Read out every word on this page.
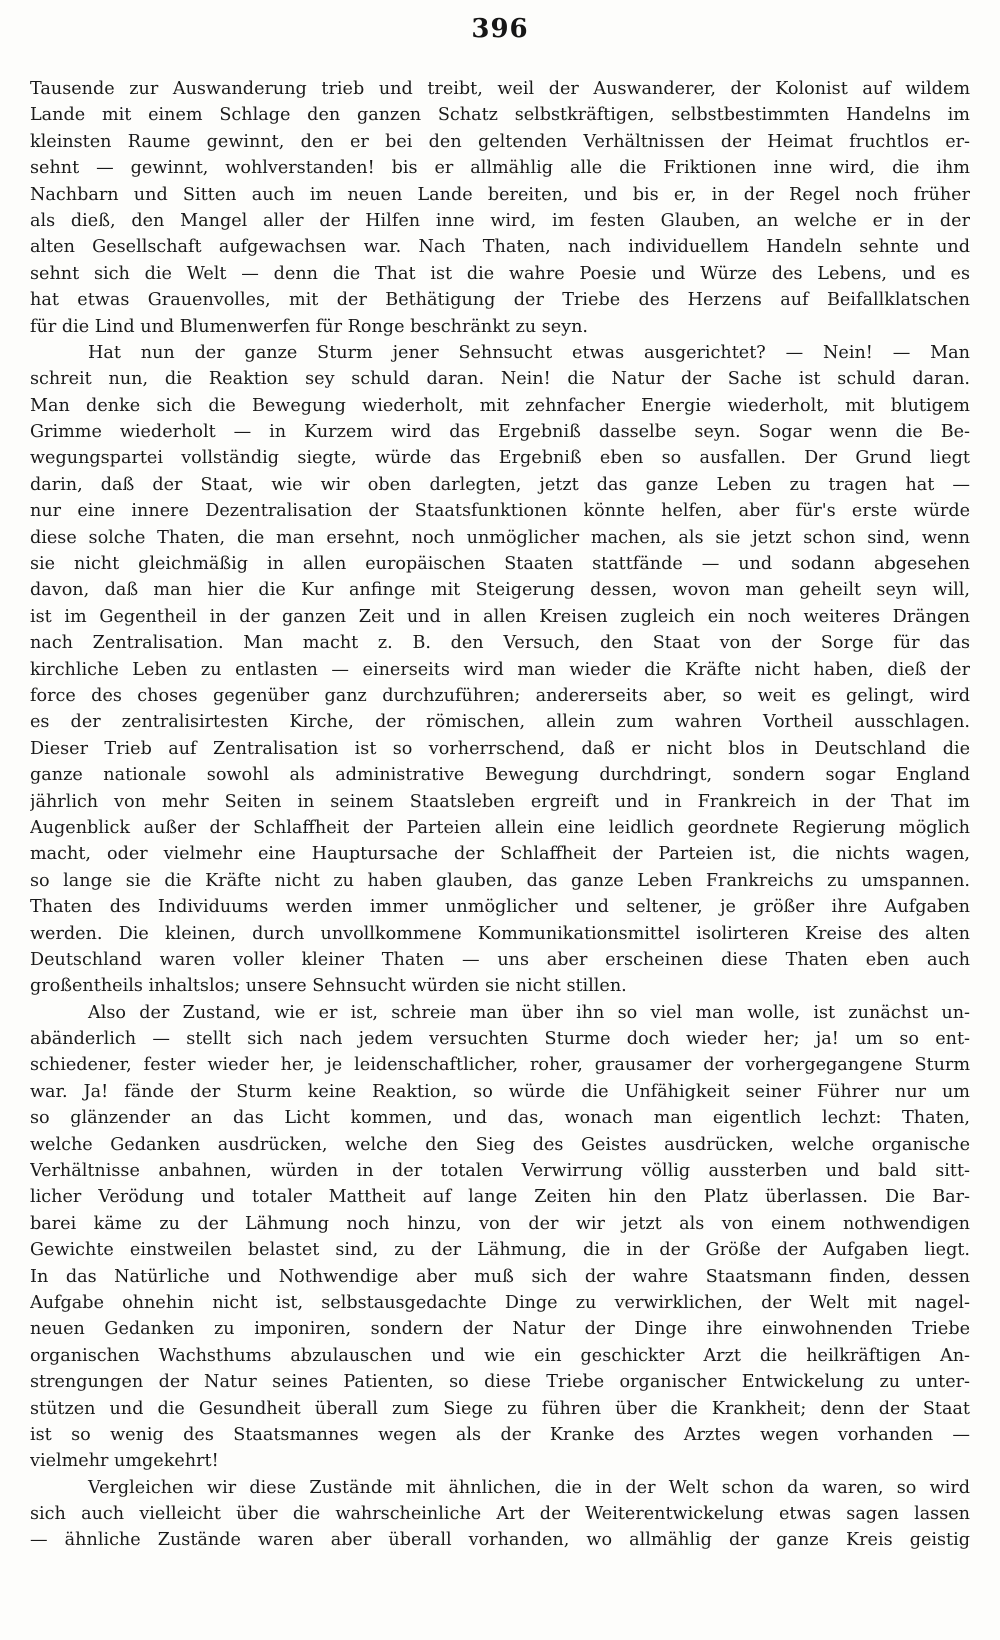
396
Tausende zur Auswanderung trieb und treibt, weil der Auswanderer, der Kolonist auf wildem
Lande mit einem Schlage den ganzen Schatz selbstkräftigen, selbstbestimmten Handelns im
kleinsten Raume gewinnt, den er bei den geltenden Verhältnissen der Heimat fruchtlos er-
sehnt — gewinnt, wohlverstanden! bis er allmählig alle die Friktionen inne wird, die ihm
Nachbarn und Sitten auch im neuen Lande bereiten, und bis er, in der Regel noch früher
als dieß, den Mangel aller der Hilfen inne wird, im festen Glauben, an welche er in der
alten Gesellschaft aufgewachsen war. Nach Thaten, nach individuellem Handeln sehnte und
sehnt sich die Welt — denn die That ist die wahre Poesie und Würze des Lebens, und es
hat etwas Grauenvolles, mit der Bethätigung der Triebe des Herzens auf Beifallklatschen
für die Lind und Blumenwerfen für Ronge beschränkt zu seyn.
Hat nun der ganze Sturm jener Sehnsucht etwas ausgerichtet? — Nein! — Man
schreit nun, die Reaktion sey schuld daran. Nein! die Natur der Sache ist schuld daran.
Man denke sich die Bewegung wiederholt, mit zehnfacher Energie wiederholt, mit blutigem
Grimme wiederholt — in Kurzem wird das Ergebniß dasselbe seyn. Sogar wenn die Be-
wegungspartei vollständig siegte, würde das Ergebniß eben so ausfallen. Der Grund liegt
darin, daß der Staat, wie wir oben darlegten, jetzt das ganze Leben zu tragen hat —
nur eine innere Dezentralisation der Staatsfunktionen könnte helfen, aber für's erste würde
diese solche Thaten, die man ersehnt, noch unmöglicher machen, als sie jetzt schon sind, wenn
sie nicht gleichmäßig in allen europäischen Staaten stattfände — und sodann abgesehen
davon, daß man hier die Kur anfinge mit Steigerung dessen, wovon man geheilt seyn will,
ist im Gegentheil in der ganzen Zeit und in allen Kreisen zugleich ein noch weiteres Drängen
nach Zentralisation. Man macht z. B. den Versuch, den Staat von der Sorge für das
kirchliche Leben zu entlasten — einerseits wird man wieder die Kräfte nicht haben, dieß der
force des choses gegenüber ganz durchzuführen; andererseits aber, so weit es gelingt, wird
es der zentralisirtesten Kirche, der römischen, allein zum wahren Vortheil ausschlagen.
Dieser Trieb auf Zentralisation ist so vorherrschend, daß er nicht blos in Deutschland die
ganze nationale sowohl als administrative Bewegung durchdringt, sondern sogar England
jährlich von mehr Seiten in seinem Staatsleben ergreift und in Frankreich in der That im
Augenblick außer der Schlaffheit der Parteien allein eine leidlich geordnete Regierung möglich
macht, oder vielmehr eine Hauptursache der Schlaffheit der Parteien ist, die nichts wagen,
so lange sie die Kräfte nicht zu haben glauben, das ganze Leben Frankreichs zu umspannen.
Thaten des Individuums werden immer unmöglicher und seltener, je größer ihre Aufgaben
werden. Die kleinen, durch unvollkommene Kommunikationsmittel isolirteren Kreise des alten
Deutschland waren voller kleiner Thaten — uns aber erscheinen diese Thaten eben auch
großentheils inhaltslos; unsere Sehnsucht würden sie nicht stillen.
Also der Zustand, wie er ist, schreie man über ihn so viel man wolle, ist zunächst un-
abänderlich — stellt sich nach jedem versuchten Sturme doch wieder her; ja! um so ent-
schiedener, fester wieder her, je leidenschaftlicher, roher, grausamer der vorhergegangene Sturm
war. Ja! fände der Sturm keine Reaktion, so würde die Unfähigkeit seiner Führer nur um
so glänzender an das Licht kommen, und das, wonach man eigentlich lechzt: Thaten,
welche Gedanken ausdrücken, welche den Sieg des Geistes ausdrücken, welche organische
Verhältnisse anbahnen, würden in der totalen Verwirrung völlig aussterben und bald sitt-
licher Verödung und totaler Mattheit auf lange Zeiten hin den Platz überlassen. Die Bar-
barei käme zu der Lähmung noch hinzu, von der wir jetzt als von einem nothwendigen
Gewichte einstweilen belastet sind, zu der Lähmung, die in der Größe der Aufgaben liegt.
In das Natürliche und Nothwendige aber muß sich der wahre Staatsmann finden, dessen
Aufgabe ohnehin nicht ist, selbstausgedachte Dinge zu verwirklichen, der Welt mit nagel-
neuen Gedanken zu imponiren, sondern der Natur der Dinge ihre einwohnenden Triebe
organischen Wachsthums abzulauschen und wie ein geschickter Arzt die heilkräftigen An-
strengungen der Natur seines Patienten, so diese Triebe organischer Entwickelung zu unter-
stützen und die Gesundheit überall zum Siege zu führen über die Krankheit; denn der Staat
ist so wenig des Staatsmannes wegen als der Kranke des Arztes wegen vorhanden —
vielmehr umgekehrt!
Vergleichen wir diese Zustände mit ähnlichen, die in der Welt schon da waren, so wird
sich auch vielleicht über die wahrscheinliche Art der Weiterentwickelung etwas sagen lassen
— ähnliche Zustände waren aber überall vorhanden, wo allmählig der ganze Kreis geistig
